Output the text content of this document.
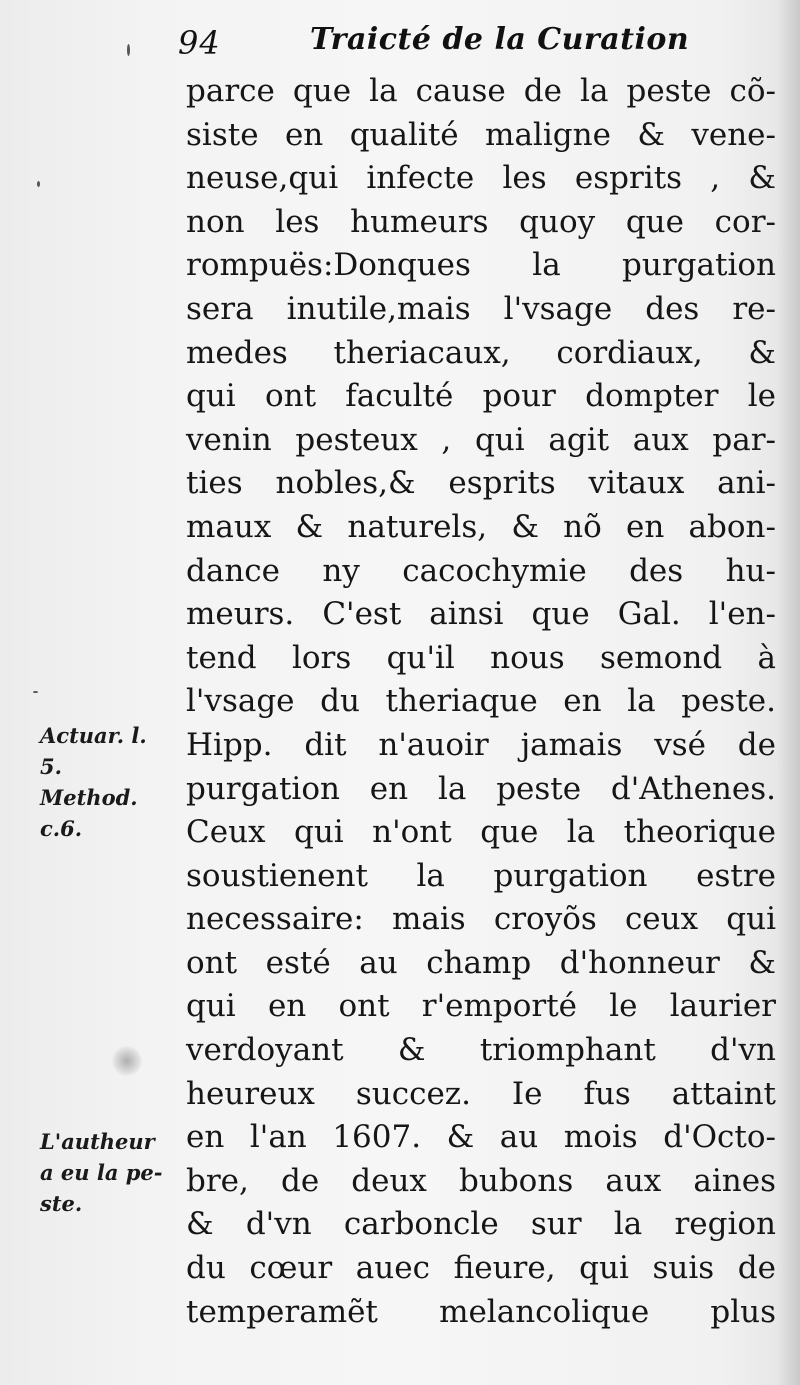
94	Traicté de la Curation
Actuar. l.
5.
Method.
c.6.
L'autheur
a eu la pe-
ste.
parce que la cause de la peste cõ-
siste en qualité maligne & vene-
neuse,qui infecte les esprits , &
non les humeurs quoy que cor-
rompuës:Donques la purgation
sera inutile,mais l'vsage des re-
medes theriacaux, cordiaux, &
qui ont faculté pour dompter le
venin pesteux , qui agit aux par-
ties nobles,& esprits vitaux ani-
maux & naturels, & nõ en abon-
dance ny cacochymie des hu-
meurs. C'est ainsi que Gal. l'en-
tend lors qu'il nous semond à
l'vsage du theriaque en la peste.
Hipp. dit n'auoir jamais vsé de
purgation en la peste d'Athenes.
Ceux qui n'ont que la theorique
soustienent la purgation estre
necessaire: mais croyõs ceux qui
ont esté au champ d'honneur &
qui en ont r'emporté le laurier
verdoyant & triomphant d'vn
heureux succez. Ie fus attaint
en l'an 1607. & au mois d'Octo-
bre, de deux bubons aux aines
& d'vn carboncle sur la region
du cœur auec fieure, qui suis de
temperamẽt melancolique plus
